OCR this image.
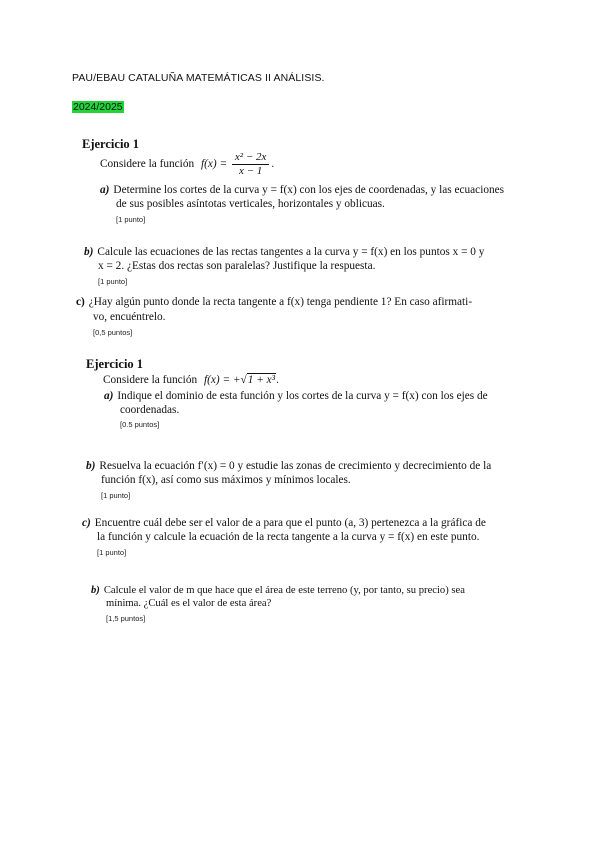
PAU/EBAU CATALUÑA MATEMÁTICAS II ANÁLISIS.
2024/2025
Ejercicio 1
Considere la función $f(x) = \frac{\text{x² − 2x}}{x - 1}$ .
a) Determine los cortes de la curva y = f(x) con los ejes de coordenadas, y las ecuaciones
de sus posibles asíntotas verticales, horizontales y oblicuas.
[1 punto]
b) Calcule las ecuaciones de las rectas tangentes a la curva y = f(x) en los puntos x = 0 y
x = 2. ¿Estas dos rectas son paralelas? Justifique la respuesta.
[1 punto]
c) ¿Hay algún punto donde la recta tangente a f(x) tenga pendiente 1? En caso afirmati-
vo, encuéntrelo.
[0,5 puntos]
Ejercicio 1
Considere la función f(x) = +√1 + x³.
a) Indique el dominio de esta función y los cortes de la curva y = f(x) con los ejes de
coordenadas.
[0.5 puntos]
b) Resuelva la ecuación f′(x) = 0 y estudie las zonas de crecimiento y decrecimiento de la
función f(x), así como sus máximos y mínimos locales.
[1 punto]
c) Encuentre cuál debe ser el valor de a para que el punto (a, 3) pertenezca a la gráfica de
la función y calcule la ecuación de la recta tangente a la curva y = f(x) en este punto.
[1 punto]
b) Calcule el valor de m que hace que el área de este terreno (y, por tanto, su precio) sea
mínima. ¿Cuál es el valor de esta área?
[1,5 puntos]
